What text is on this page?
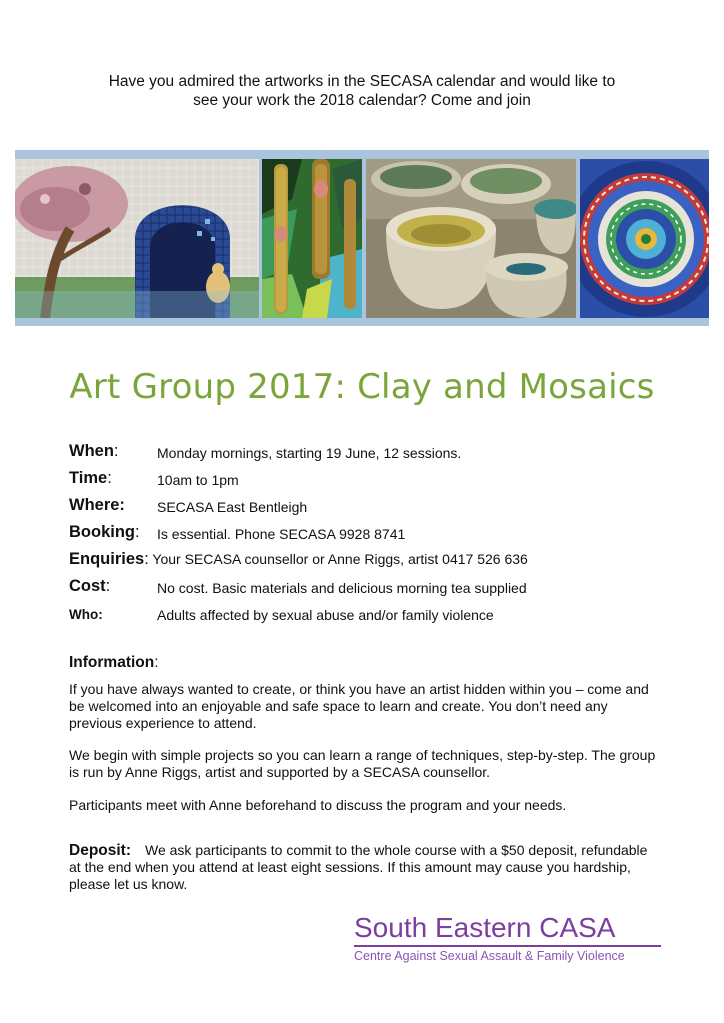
Have you admired the artworks in the SECASA calendar and would like to

see your work the 2018 calendar? Come and join

Art Group 2017: Clay and Mosaics
When:	Monday mornings, starting 19 June, 12 sessions.
Time:	10am to 1pm
Where: SECASA East Bentleigh
Booking: Is essential. Phone SECASA 9928 8741
Enquiries: Your SECASA counsellor or Anne Riggs, artist 0417 526 636
Cost:	No cost. Basic materials and delicious morning tea supplied
Who:	Adults affected by sexual abuse and/or family violence
Information:

If you have always wanted to create, or think you have an artist hidden within you – come and be welcomed into an enjoyable and safe space to learn and create. You don’t need any previous experience to attend.

We begin with simple projects so you can learn a range of techniques, step-by-step. The group is run by Anne Riggs, artist and supported by a SECASA counsellor.

Participants meet with Anne beforehand to discuss the program and your needs.

Deposit: We ask participants to commit to the whole course with a $50 deposit, refundable at the end when you attend at least eight sessions. If this amount may cause you hardship, please let us know.
South Eastern CASA
Centre Against Sexual Assault & Family Violence
